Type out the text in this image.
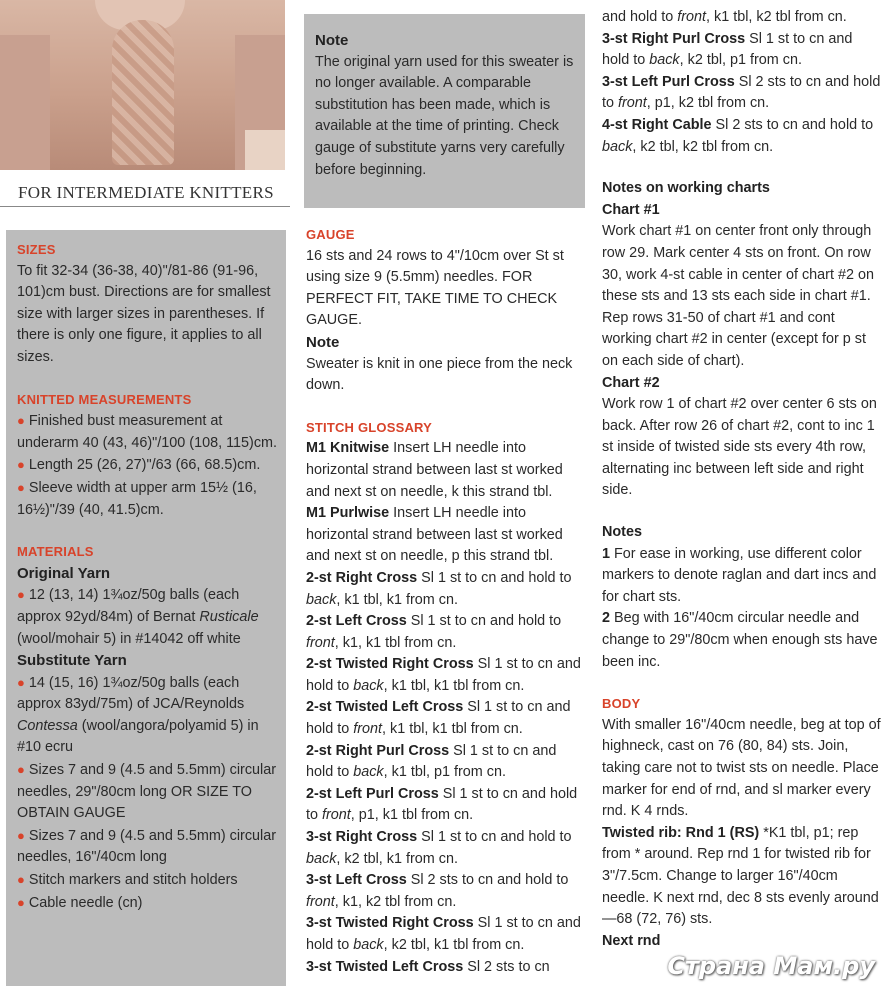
FOR INTERMEDIATE KNITTERS

SIZES

To fit 32-34 (36-38, 40)"/81-86 (91-96, 101)cm bust. Directions are for smallest size with larger sizes in parentheses. If there is only one figure, it applies to all sizes.

KNITTED MEASUREMENTS

● Finished bust measurement at underarm 40 (43, 46)"/100 (108, 115)cm.

● Length 25 (26, 27)"/63 (66, 68.5)cm.

● Sleeve width at upper arm 15½ (16, 16½)"/39 (40, 41.5)cm.

MATERIALS

Original Yarn

● 12 (13, 14) 1¾oz/50g balls (each approx 92yd/84m) of Bernat Rusticale (wool/mohair 5) in #14042 off white

Substitute Yarn

● 14 (15, 16) 1¾oz/50g balls (each approx 83yd/75m) of JCA/Reynolds Contessa (wool/angora/polyamid 5) in #10 ecru

● Sizes 7 and 9 (4.5 and 5.5mm) circular needles, 29"/80cm long OR SIZE TO OBTAIN GAUGE

● Sizes 7 and 9 (4.5 and 5.5mm) circular needles, 16"/40cm long

● Stitch markers and stitch holders

● Cable needle (cn)

Note

The original yarn used for this sweater is no longer available. A comparable substitution has been made, which is available at the time of printing. Check gauge of substitute yarns very carefully before beginning.

GAUGE

16 sts and 24 rows to 4"/10cm over St st using size 9 (5.5mm) needles. FOR PERFECT FIT, TAKE TIME TO CHECK GAUGE.

Note

Sweater is knit in one piece from the neck down.

STITCH GLOSSARY

M1 Knitwise Insert LH needle into horizontal strand between last st worked and next st on needle, k this strand tbl.

M1 Purlwise Insert LH needle into horizontal strand between last st worked and next st on needle, p this strand tbl.

2-st Right Cross Sl 1 st to cn and hold to back, k1 tbl, k1 from cn.

2-st Left Cross Sl 1 st to cn and hold to front, k1, k1 tbl from cn.

2-st Twisted Right Cross Sl 1 st to cn and hold to back, k1 tbl, k1 tbl from cn.

2-st Twisted Left Cross Sl 1 st to cn and hold to front, k1 tbl, k1 tbl from cn.

2-st Right Purl Cross Sl 1 st to cn and hold to back, k1 tbl, p1 from cn.

2-st Left Purl Cross Sl 1 st to cn and hold to front, p1, k1 tbl from cn.

3-st Right Cross Sl 1 st to cn and hold to back, k2 tbl, k1 from cn.

3-st Left Cross Sl 2 sts to cn and hold to front, k1, k2 tbl from cn.

3-st Twisted Right Cross Sl 1 st to cn and hold to back, k2 tbl, k1 tbl from cn.

3-st Twisted Left Cross Sl 2 sts to cn

and hold to front, k1 tbl, k2 tbl from cn.

3-st Right Purl Cross Sl 1 st to cn and hold to back, k2 tbl, p1 from cn.

3-st Left Purl Cross Sl 2 sts to cn and hold to front, p1, k2 tbl from cn.

4-st Right Cable Sl 2 sts to cn and hold to back, k2 tbl, k2 tbl from cn.

Notes on working charts

Chart #1

Work chart #1 on center front only through row 29. Mark center 4 sts on front. On row 30, work 4-st cable in center of chart #2 on these sts and 13 sts each side in chart #1. Rep rows 31-50 of chart #1 and cont working chart #2 in center (except for p st on each side of chart).

Chart #2

Work row 1 of chart #2 over center 6 sts on back. After row 26 of chart #2, cont to inc 1 st inside of twisted side sts every 4th row, alternating inc between left side and right side.

Notes

1 For ease in working, use different color markers to denote raglan and dart incs and for chart sts.

2 Beg with 16"/40cm circular needle and change to 29"/80cm when enough sts have been inc.

BODY

With smaller 16"/40cm needle, beg at top of highneck, cast on 76 (80, 84) sts. Join, taking care not to twist sts on needle. Place marker for end of rnd, and sl marker every rnd. K 4 rnds.

Twisted rib: Rnd 1 (RS) *K1 tbl, p1; rep from * around. Rep rnd 1 for twisted rib for 3"/7.5cm. Change to larger 16"/40cm needle. K next rnd, dec 8 sts evenly around—68 (72, 76) sts.

Next rnd

Страна Мам.ру
